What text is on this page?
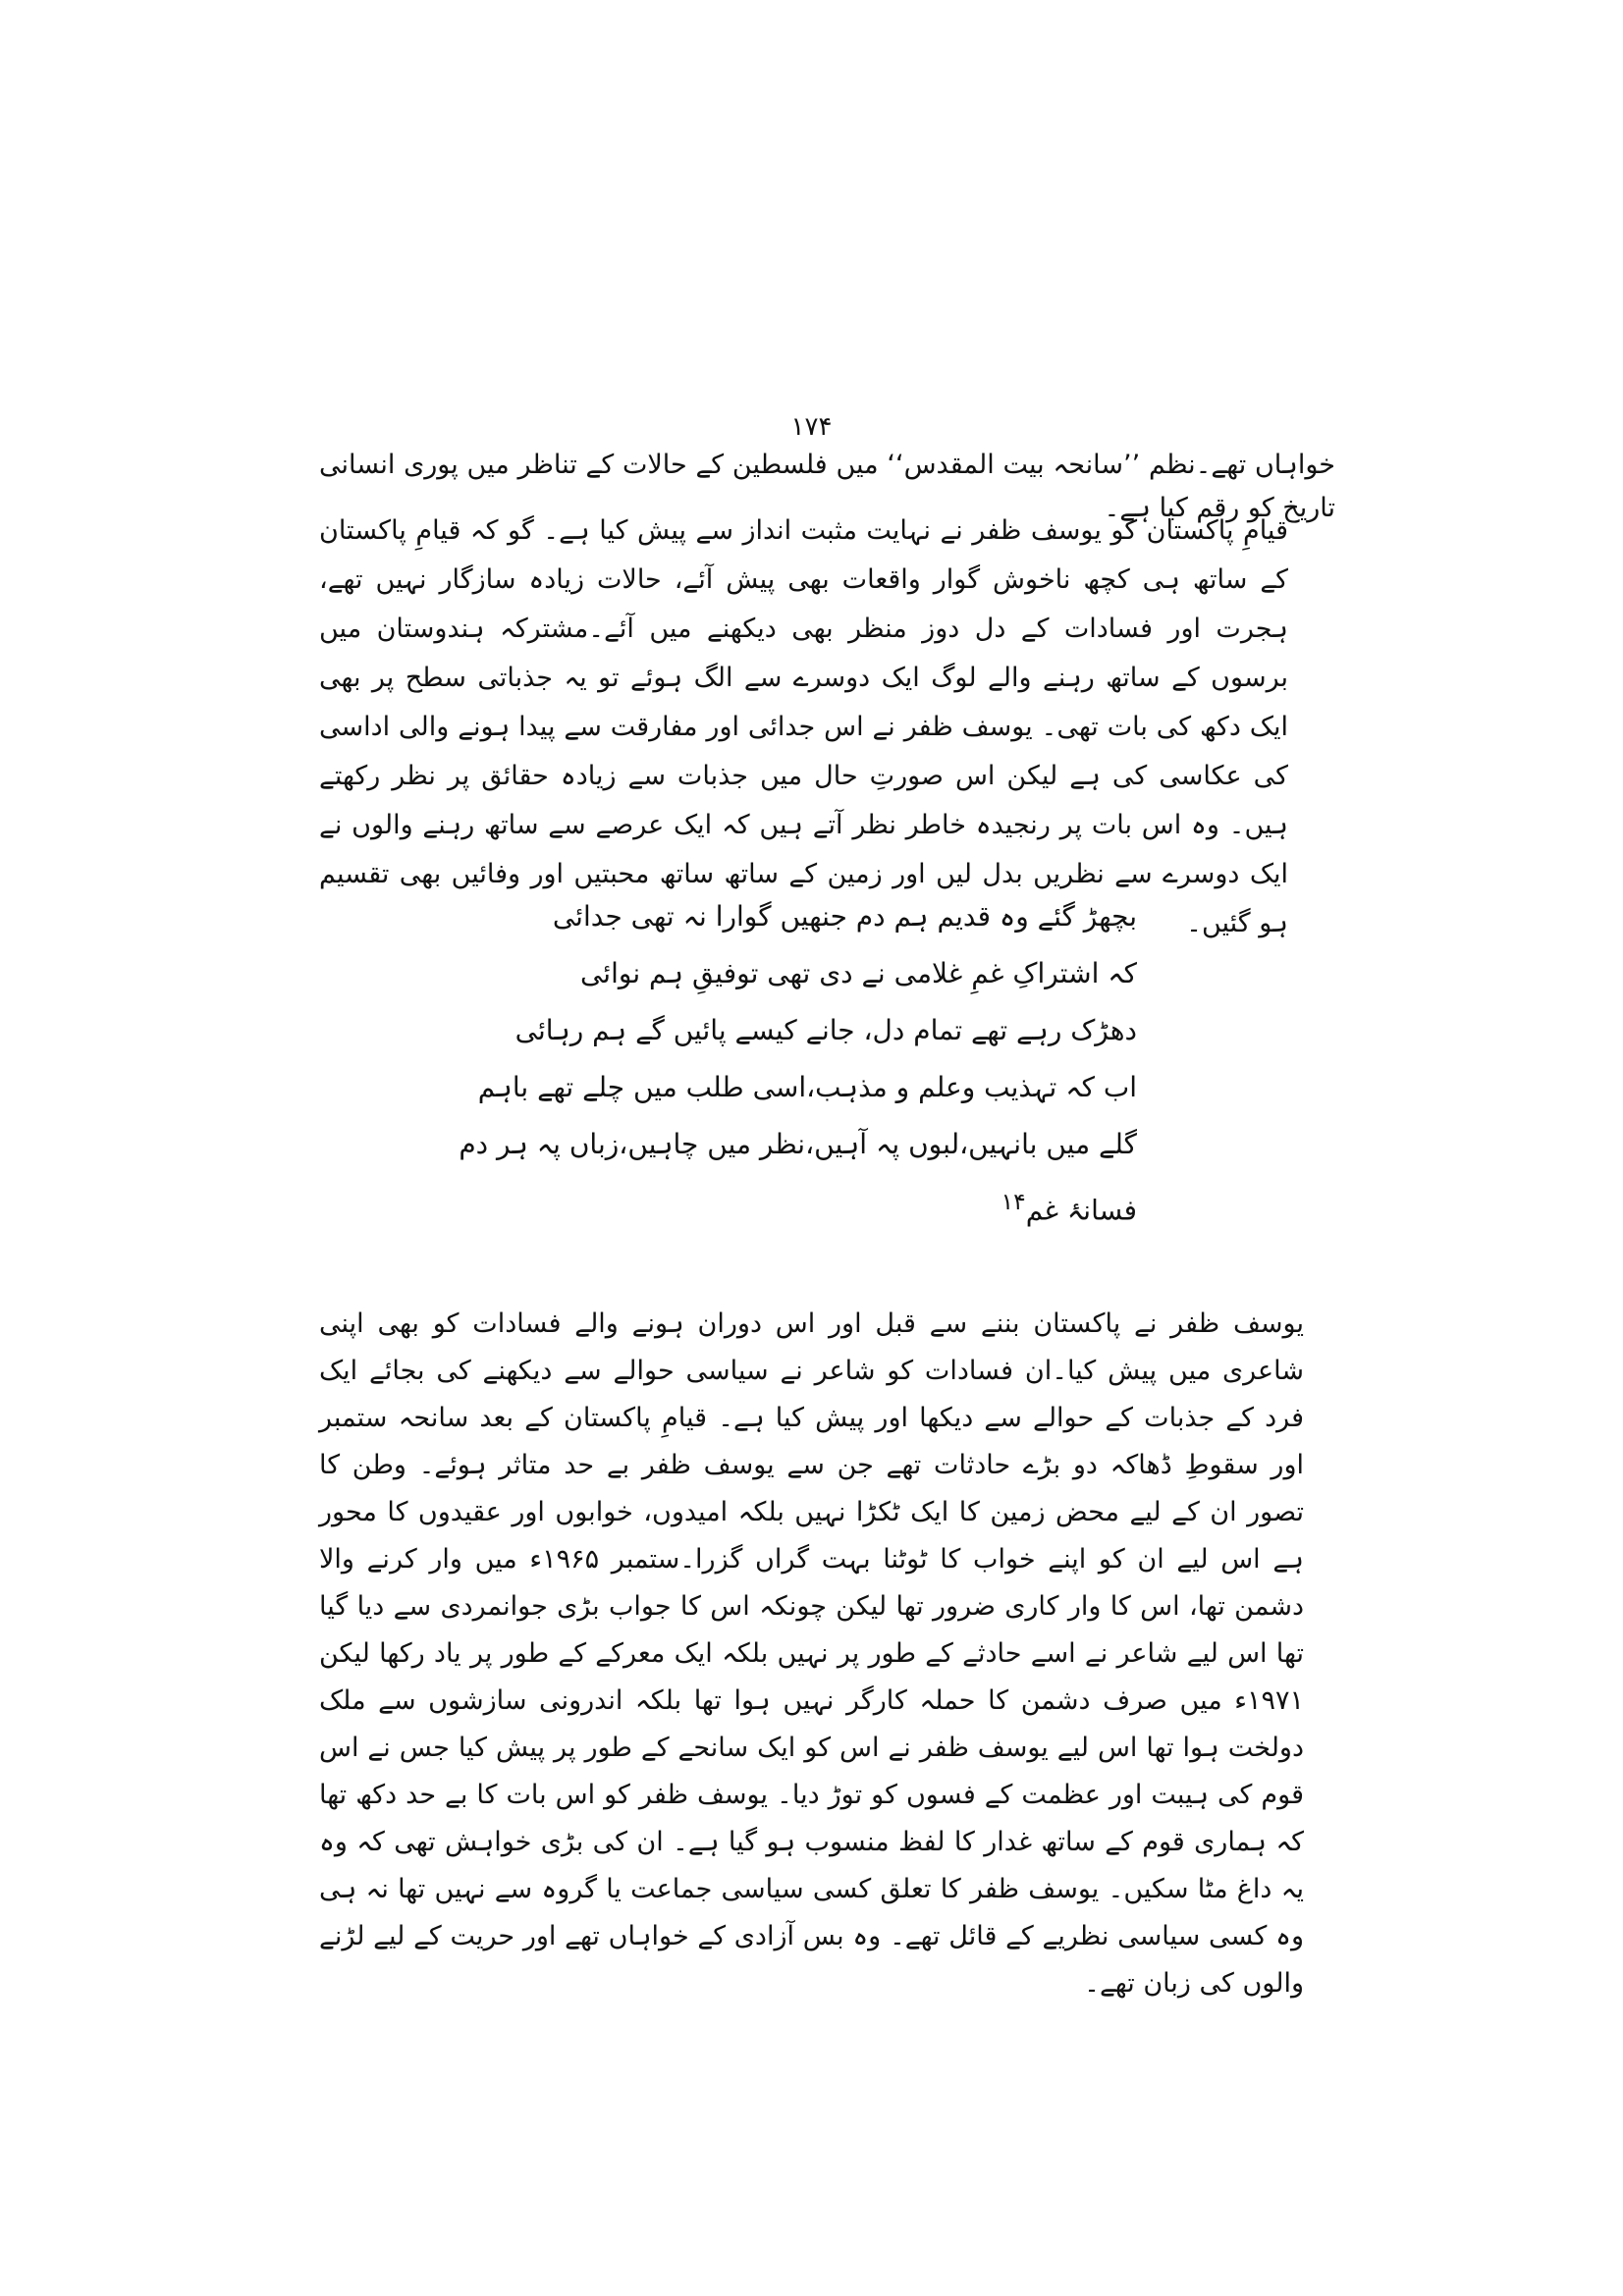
۱۷۴

خواہاں تھے۔نظم ’’سانحہ بیت المقدس‘‘ میں فلسطین کے حالات کے تناظر میں پوری انسانی تاریخ کو رقم کیا ہے۔

قیامِ پاکستان کو یوسف ظفر نے نہایت مثبت انداز سے پیش کیا ہے۔ گو کہ قیامِ پاکستان کے ساتھ ہی کچھ ناخوش گوار واقعات بھی پیش آئے، حالات زیادہ سازگار نہیں تھے، ہجرت اور فسادات کے دل دوز منظر بھی دیکھنے میں آئے۔مشترکہ ہندوستان میں برسوں کے ساتھ رہنے والے لوگ ایک دوسرے سے الگ ہوئے تو یہ جذباتی سطح پر بھی ایک دکھ کی بات تھی۔ یوسف ظفر نے اس جدائی اور مفارقت سے پیدا ہونے والی اداسی کی عکاسی کی ہے لیکن اس صورتِ حال میں جذبات سے زیادہ حقائق پر نظر رکھتے ہیں۔ وہ اس بات پر رنجیدہ خاطر نظر آتے ہیں کہ ایک عرصے سے ساتھ رہنے والوں نے ایک دوسرے سے نظریں بدل لیں اور زمین کے ساتھ ساتھ محبتیں اور وفائیں بھی تقسیم ہو گئیں۔

بچھڑ گئے وہ قدیم ہم دم جنھیں گوارا نہ تھی جدائی
کہ اشتراکِ غمِ غلامی نے دی تھی توفیقِ ہم نوائی
دھڑک رہے تھے تمام دل، جانے کیسے پائیں گے ہم رہائی
اب کہ تہذیب وعلم و مذہب،اسی طلب میں چلے تھے باہم
گلے میں بانہیں،لبوں پہ آہیں،نظر میں چاہیں،زباں پہ ہر دم
فسانۂ غم$^{۱۴}$

یوسف ظفر نے پاکستان بننے سے قبل اور اس دوران ہونے والے فسادات کو بھی اپنی شاعری میں پیش کیا۔ان فسادات کو شاعر نے سیاسی حوالے سے دیکھنے کی بجائے ایک فرد کے جذبات کے حوالے سے دیکھا اور پیش کیا ہے۔ قیامِ پاکستان کے بعد سانحہ ستمبر اور سقوطِ ڈھاکہ دو بڑے حادثات تھے جن سے یوسف ظفر بے حد متاثر ہوئے۔ وطن کا تصور ان کے لیے محض زمین کا ایک ٹکڑا نہیں بلکہ امیدوں، خوابوں اور عقیدوں کا محور ہے اس لیے ان کو اپنے خواب کا ٹوٹنا بہت گراں گزرا۔ستمبر ۱۹۶۵ء میں وار کرنے والا دشمن تھا، اس کا وار کاری ضرور تھا لیکن چونکہ اس کا جواب بڑی جوانمردی سے دیا گیا تھا اس لیے شاعر نے اسے حادثے کے طور پر نہیں بلکہ ایک معرکے کے طور پر یاد رکھا لیکن ۱۹۷۱ء میں صرف دشمن کا حملہ کارگر نہیں ہوا تھا بلکہ اندرونی سازشوں سے ملک دولخت ہوا تھا اس لیے یوسف ظفر نے اس کو ایک سانحے کے طور پر پیش کیا جس نے اس قوم کی ہیبت اور عظمت کے فسوں کو توڑ دیا۔ یوسف ظفر کو اس بات کا بے حد دکھ تھا کہ ہماری قوم کے ساتھ غدار کا لفظ منسوب ہو گیا ہے۔ ان کی بڑی خواہش تھی کہ وہ یہ داغ مٹا سکیں۔ یوسف ظفر کا تعلق کسی سیاسی جماعت یا گروہ سے نہیں تھا نہ ہی وہ کسی سیاسی نظریے کے قائل تھے۔ وہ بس آزادی کے خواہاں تھے اور حریت کے لیے لڑنے والوں کی زبان تھے۔
